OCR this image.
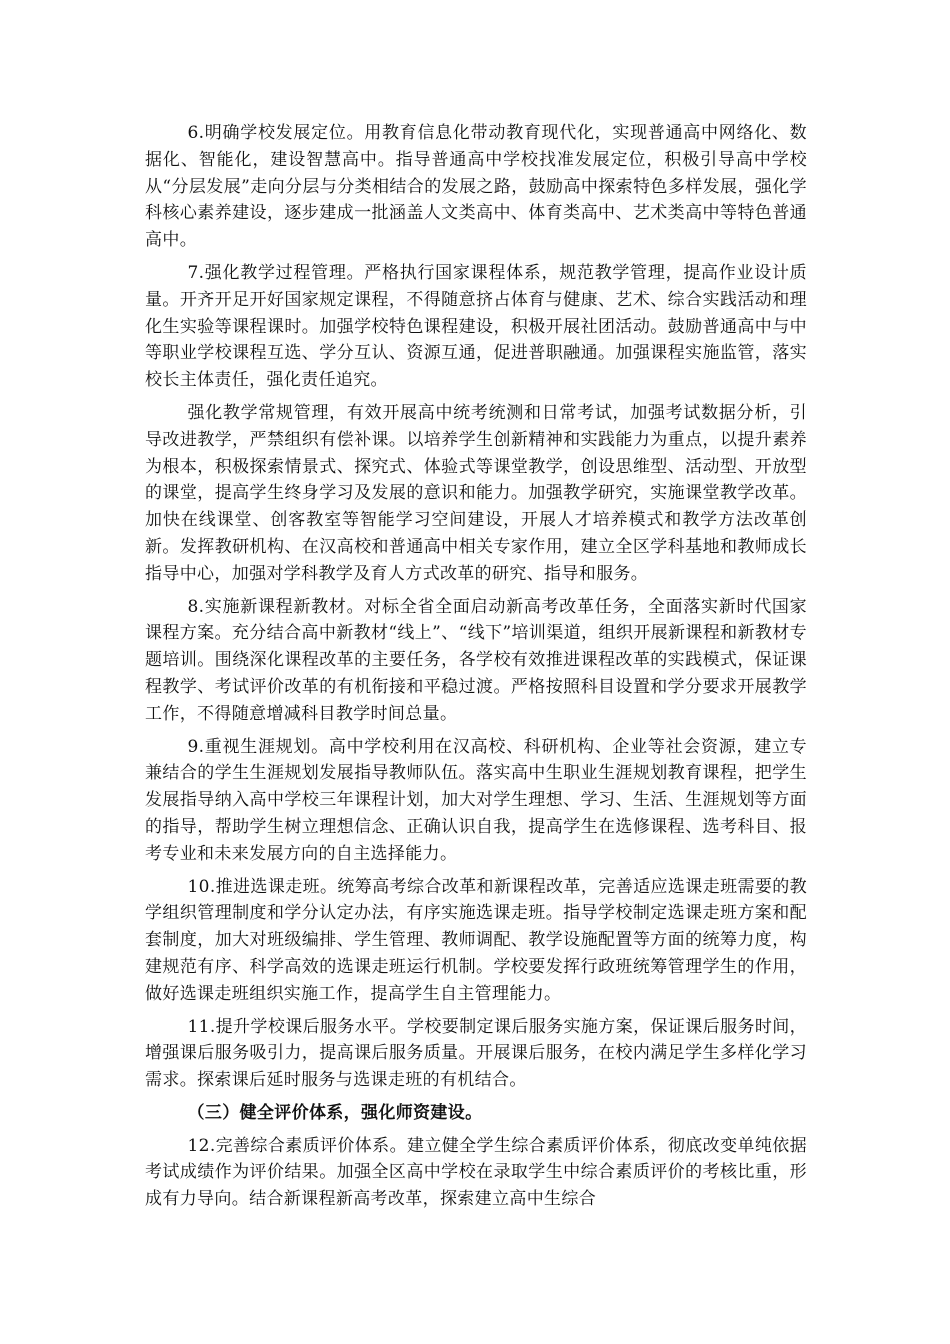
6.明确学校发展定位。用教育信息化带动教育现代化，实现普通高中网络化、数据化、智能化，建设智慧高中。指导普通高中学校找准发展定位，积极引导高中学校从“分层发展”走向分层与分类相结合的发展之路，鼓励高中探索特色多样发展，强化学科核心素养建设，逐步建成一批涵盖人文类高中、体育类高中、艺术类高中等特色普通高中。

7.强化教学过程管理。严格执行国家课程体系，规范教学管理，提高作业设计质量。开齐开足开好国家规定课程，不得随意挤占体育与健康、艺术、综合实践活动和理化生实验等课程课时。加强学校特色课程建设，积极开展社团活动。鼓励普通高中与中等职业学校课程互选、学分互认、资源互通，促进普职融通。加强课程实施监管，落实校长主体责任，强化责任追究。

强化教学常规管理，有效开展高中统考统测和日常考试，加强考试数据分析，引导改进教学，严禁组织有偿补课。以培养学生创新精神和实践能力为重点，以提升素养为根本，积极探索情景式、探究式、体验式等课堂教学，创设思维型、活动型、开放型的课堂，提高学生终身学习及发展的意识和能力。加强教学研究，实施课堂教学改革。加快在线课堂、创客教室等智能学习空间建设，开展人才培养模式和教学方法改革创新。发挥教研机构、在汉高校和普通高中相关专家作用，建立全区学科基地和教师成长指导中心，加强对学科教学及育人方式改革的研究、指导和服务。

8.实施新课程新教材。对标全省全面启动新高考改革任务，全面落实新时代国家课程方案。充分结合高中新教材“线上”、“线下”培训渠道，组织开展新课程和新教材专题培训。围绕深化课程改革的主要任务，各学校有效推进课程改革的实践模式，保证课程教学、考试评价改革的有机衔接和平稳过渡。严格按照科目设置和学分要求开展教学工作，不得随意增减科目教学时间总量。

9.重视生涯规划。高中学校利用在汉高校、科研机构、企业等社会资源，建立专兼结合的学生生涯规划发展指导教师队伍。落实高中生职业生涯规划教育课程，把学生发展指导纳入高中学校三年课程计划，加大对学生理想、学习、生活、生涯规划等方面的指导，帮助学生树立理想信念、正确认识自我，提高学生在选修课程、选考科目、报考专业和未来发展方向的自主选择能力。

10.推进选课走班。统筹高考综合改革和新课程改革，完善适应选课走班需要的教学组织管理制度和学分认定办法，有序实施选课走班。指导学校制定选课走班方案和配套制度，加大对班级编排、学生管理、教师调配、教学设施配置等方面的统筹力度，构建规范有序、科学高效的选课走班运行机制。学校要发挥行政班统筹管理学生的作用，做好选课走班组织实施工作，提高学生自主管理能力。

11.提升学校课后服务水平。学校要制定课后服务实施方案，保证课后服务时间，增强课后服务吸引力，提高课后服务质量。开展课后服务，在校内满足学生多样化学习需求。探索课后延时服务与选课走班的有机结合。

（三）健全评价体系，强化师资建设。

12.完善综合素质评价体系。建立健全学生综合素质评价体系，彻底改变单纯依据考试成绩作为评价结果。加强全区高中学校在录取学生中综合素质评价的考核比重，形成有力导向。结合新课程新高考改革，探索建立高中生综合
